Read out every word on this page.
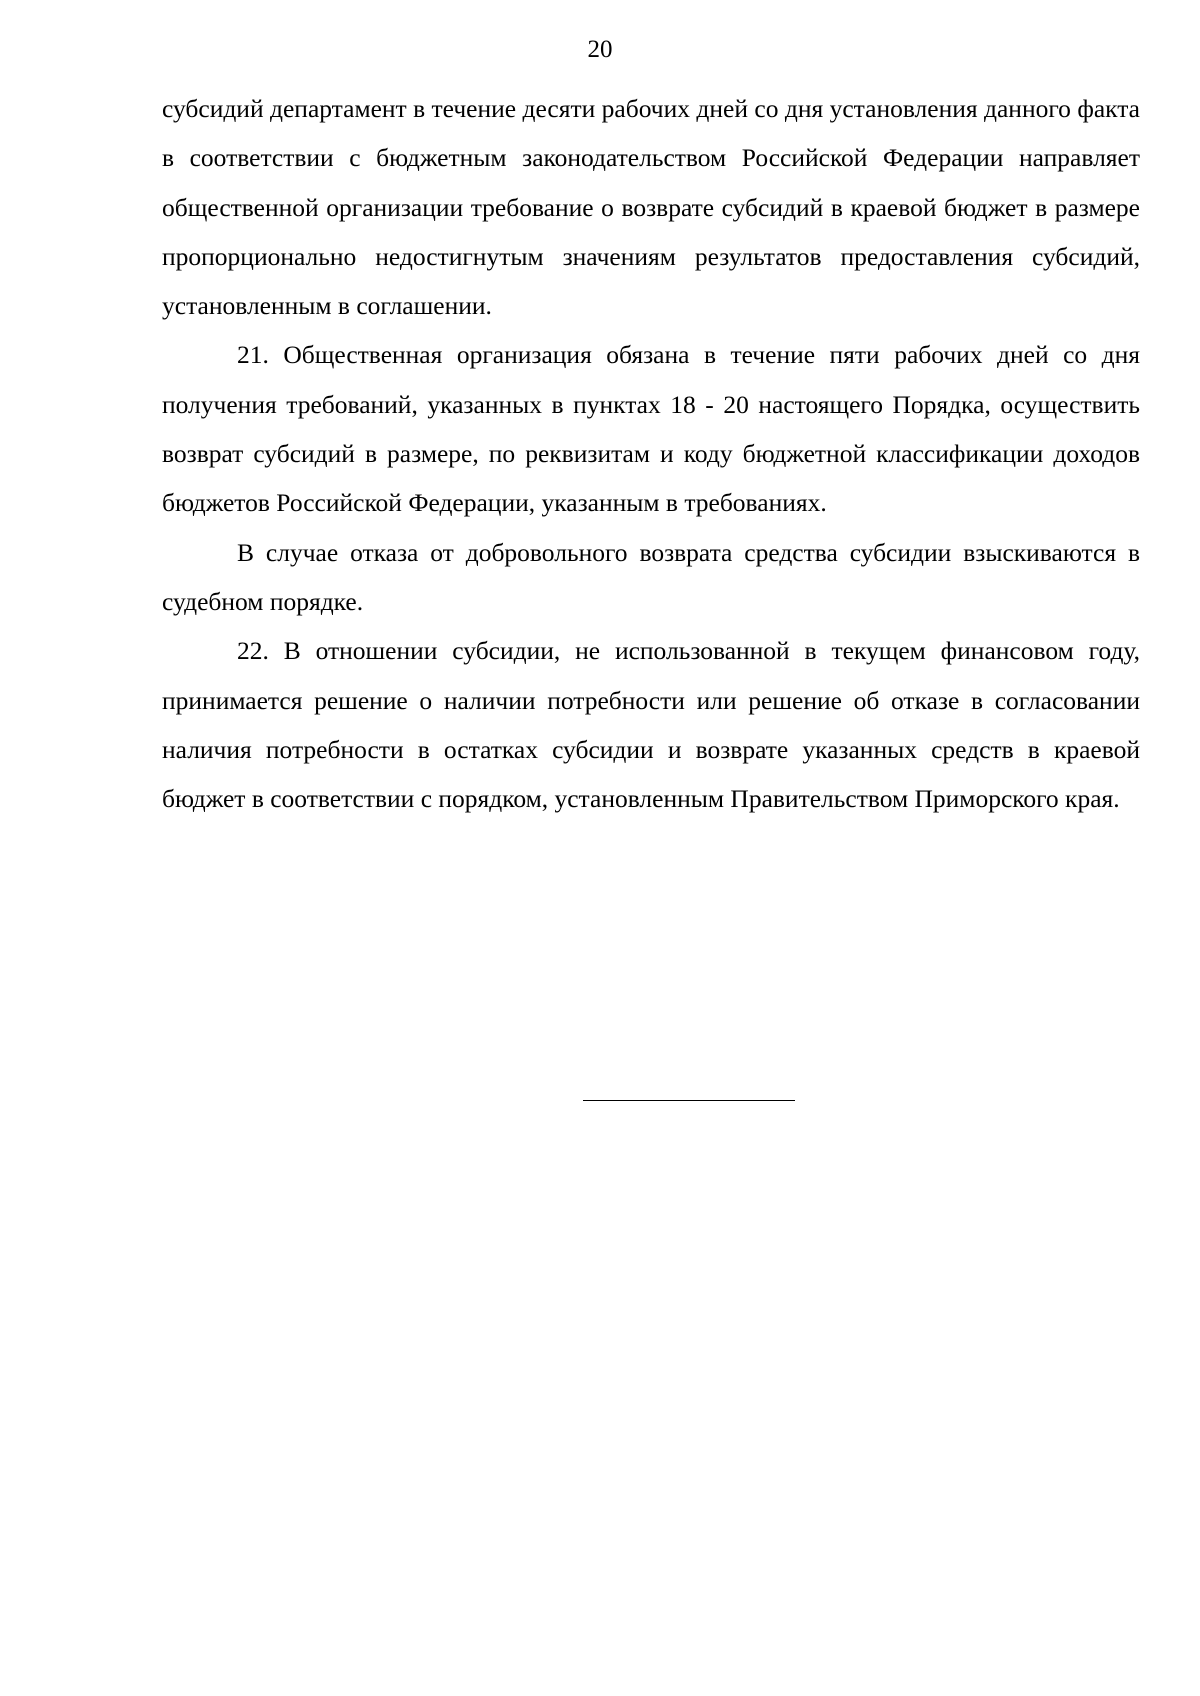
20

субсидий департамент в течение десяти рабочих дней со дня установления данного факта в соответствии с бюджетным законодательством Российской Федерации направляет общественной организации требование о возврате субсидий в краевой бюджет в размере пропорционально недостигнутым значениям результатов предоставления субсидий, установленным в соглашении.

21. Общественная организация обязана в течение пяти рабочих дней со дня получения требований, указанных в пунктах 18 - 20 настоящего Порядка, осуществить возврат субсидий в размере, по реквизитам и коду бюджетной классификации доходов бюджетов Российской Федерации, указанным в требованиях.

В случае отказа от добровольного возврата средства субсидии взыскиваются в судебном порядке.

22. В отношении субсидии, не использованной в текущем финансовом году, принимается решение о наличии потребности или решение об отказе в согласовании наличия потребности в остатках субсидии и возврате указанных средств в краевой бюджет в соответствии с порядком, установленным Правительством Приморского края.
